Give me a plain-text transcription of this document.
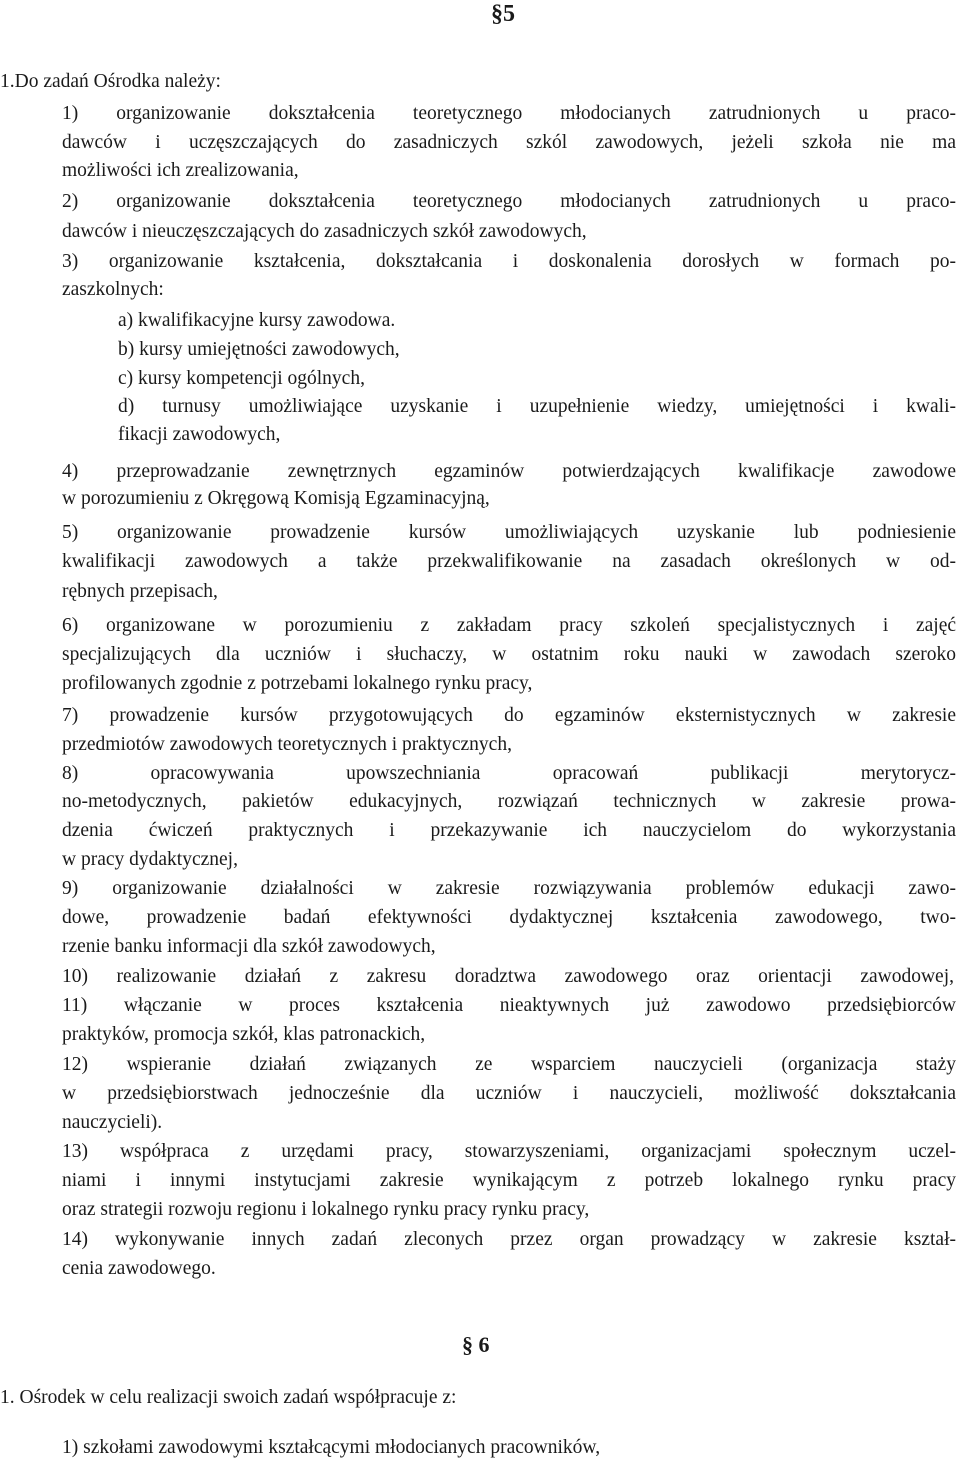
§5
1.Do zadań Ośrodka należy:
1) organizowanie dokształcenia teoretycznego młodocianych zatrudnionych u praco-
dawców i uczęszczających do zasadniczych szkól zawodowych, jeżeli szkoła nie ma
możliwości ich zrealizowania,
2) organizowanie dokształcenia teoretycznego młodocianych zatrudnionych u praco-
dawców i nieuczęszczających do zasadniczych szkół zawodowych,
3) organizowanie kształcenia, dokształcania i doskonalenia dorosłych w formach po-
zaszkolnych:
a) kwalifikacyjne kursy zawodowa.
b) kursy umiejętności zawodowych,
c) kursy kompetencji ogólnych,
d) turnusy umożliwiające uzyskanie i uzupełnienie wiedzy, umiejętności i kwali-
fikacji zawodowych,
4) przeprowadzanie zewnętrznych egzaminów potwierdzających kwalifikacje zawodowe
w porozumieniu z Okręgową Komisją Egzaminacyjną,
5) organizowanie prowadzenie kursów umożliwiających uzyskanie lub podniesienie
kwalifikacji zawodowych a także przekwalifikowanie na zasadach określonych w od-
rębnych przepisach,
6) organizowane w porozumieniu z zakładam pracy szkoleń specjalistycznych i zajęć
specjalizujących dla uczniów i słuchaczy, w ostatnim roku nauki w zawodach szeroko
profilowanych zgodnie z potrzebami lokalnego rynku pracy,
7) prowadzenie kursów przygotowujących do egzaminów eksternistycznych w zakresie
przedmiotów zawodowych teoretycznych i praktycznych,
8) opracowywania upowszechniania opracowań publikacji merytorycz-
no-metodycznych, pakietów edukacyjnych, rozwiązań technicznych w zakresie prowa-
dzenia ćwiczeń praktycznych i przekazywanie ich nauczycielom do wykorzystania
w pracy dydaktycznej,
9) organizowanie działalności w zakresie rozwiązywania problemów edukacji zawo-
dowe, prowadzenie badań efektywności dydaktycznej kształcenia zawodowego, two-
rzenie banku informacji dla szkół zawodowych,
10) realizowanie działań z zakresu doradztwa zawodowego oraz orientacji zawodowej,
11) włączanie w proces kształcenia nieaktywnych już zawodowo przedsiębiorców
praktyków, promocja szkół, klas patronackich,
12) wspieranie działań związanych ze wsparciem nauczycieli (organizacja staży
w przedsiębiorstwach jednocześnie dla uczniów i nauczycieli, możliwość dokształcania
nauczycieli).
13) współpraca z urzędami pracy, stowarzyszeniami, organizacjami społecznym uczel-
niami i innymi instytucjami zakresie wynikającym z potrzeb lokalnego rynku pracy
oraz strategii rozwoju regionu i lokalnego rynku pracy rynku pracy,
14) wykonywanie innych zadań zleconych przez organ prowadzący w zakresie kształ-
cenia zawodowego.
§ 6
1. Ośrodek w celu realizacji swoich zadań współpracuje z:
1) szkołami zawodowymi kształcącymi młodocianych pracowników,
